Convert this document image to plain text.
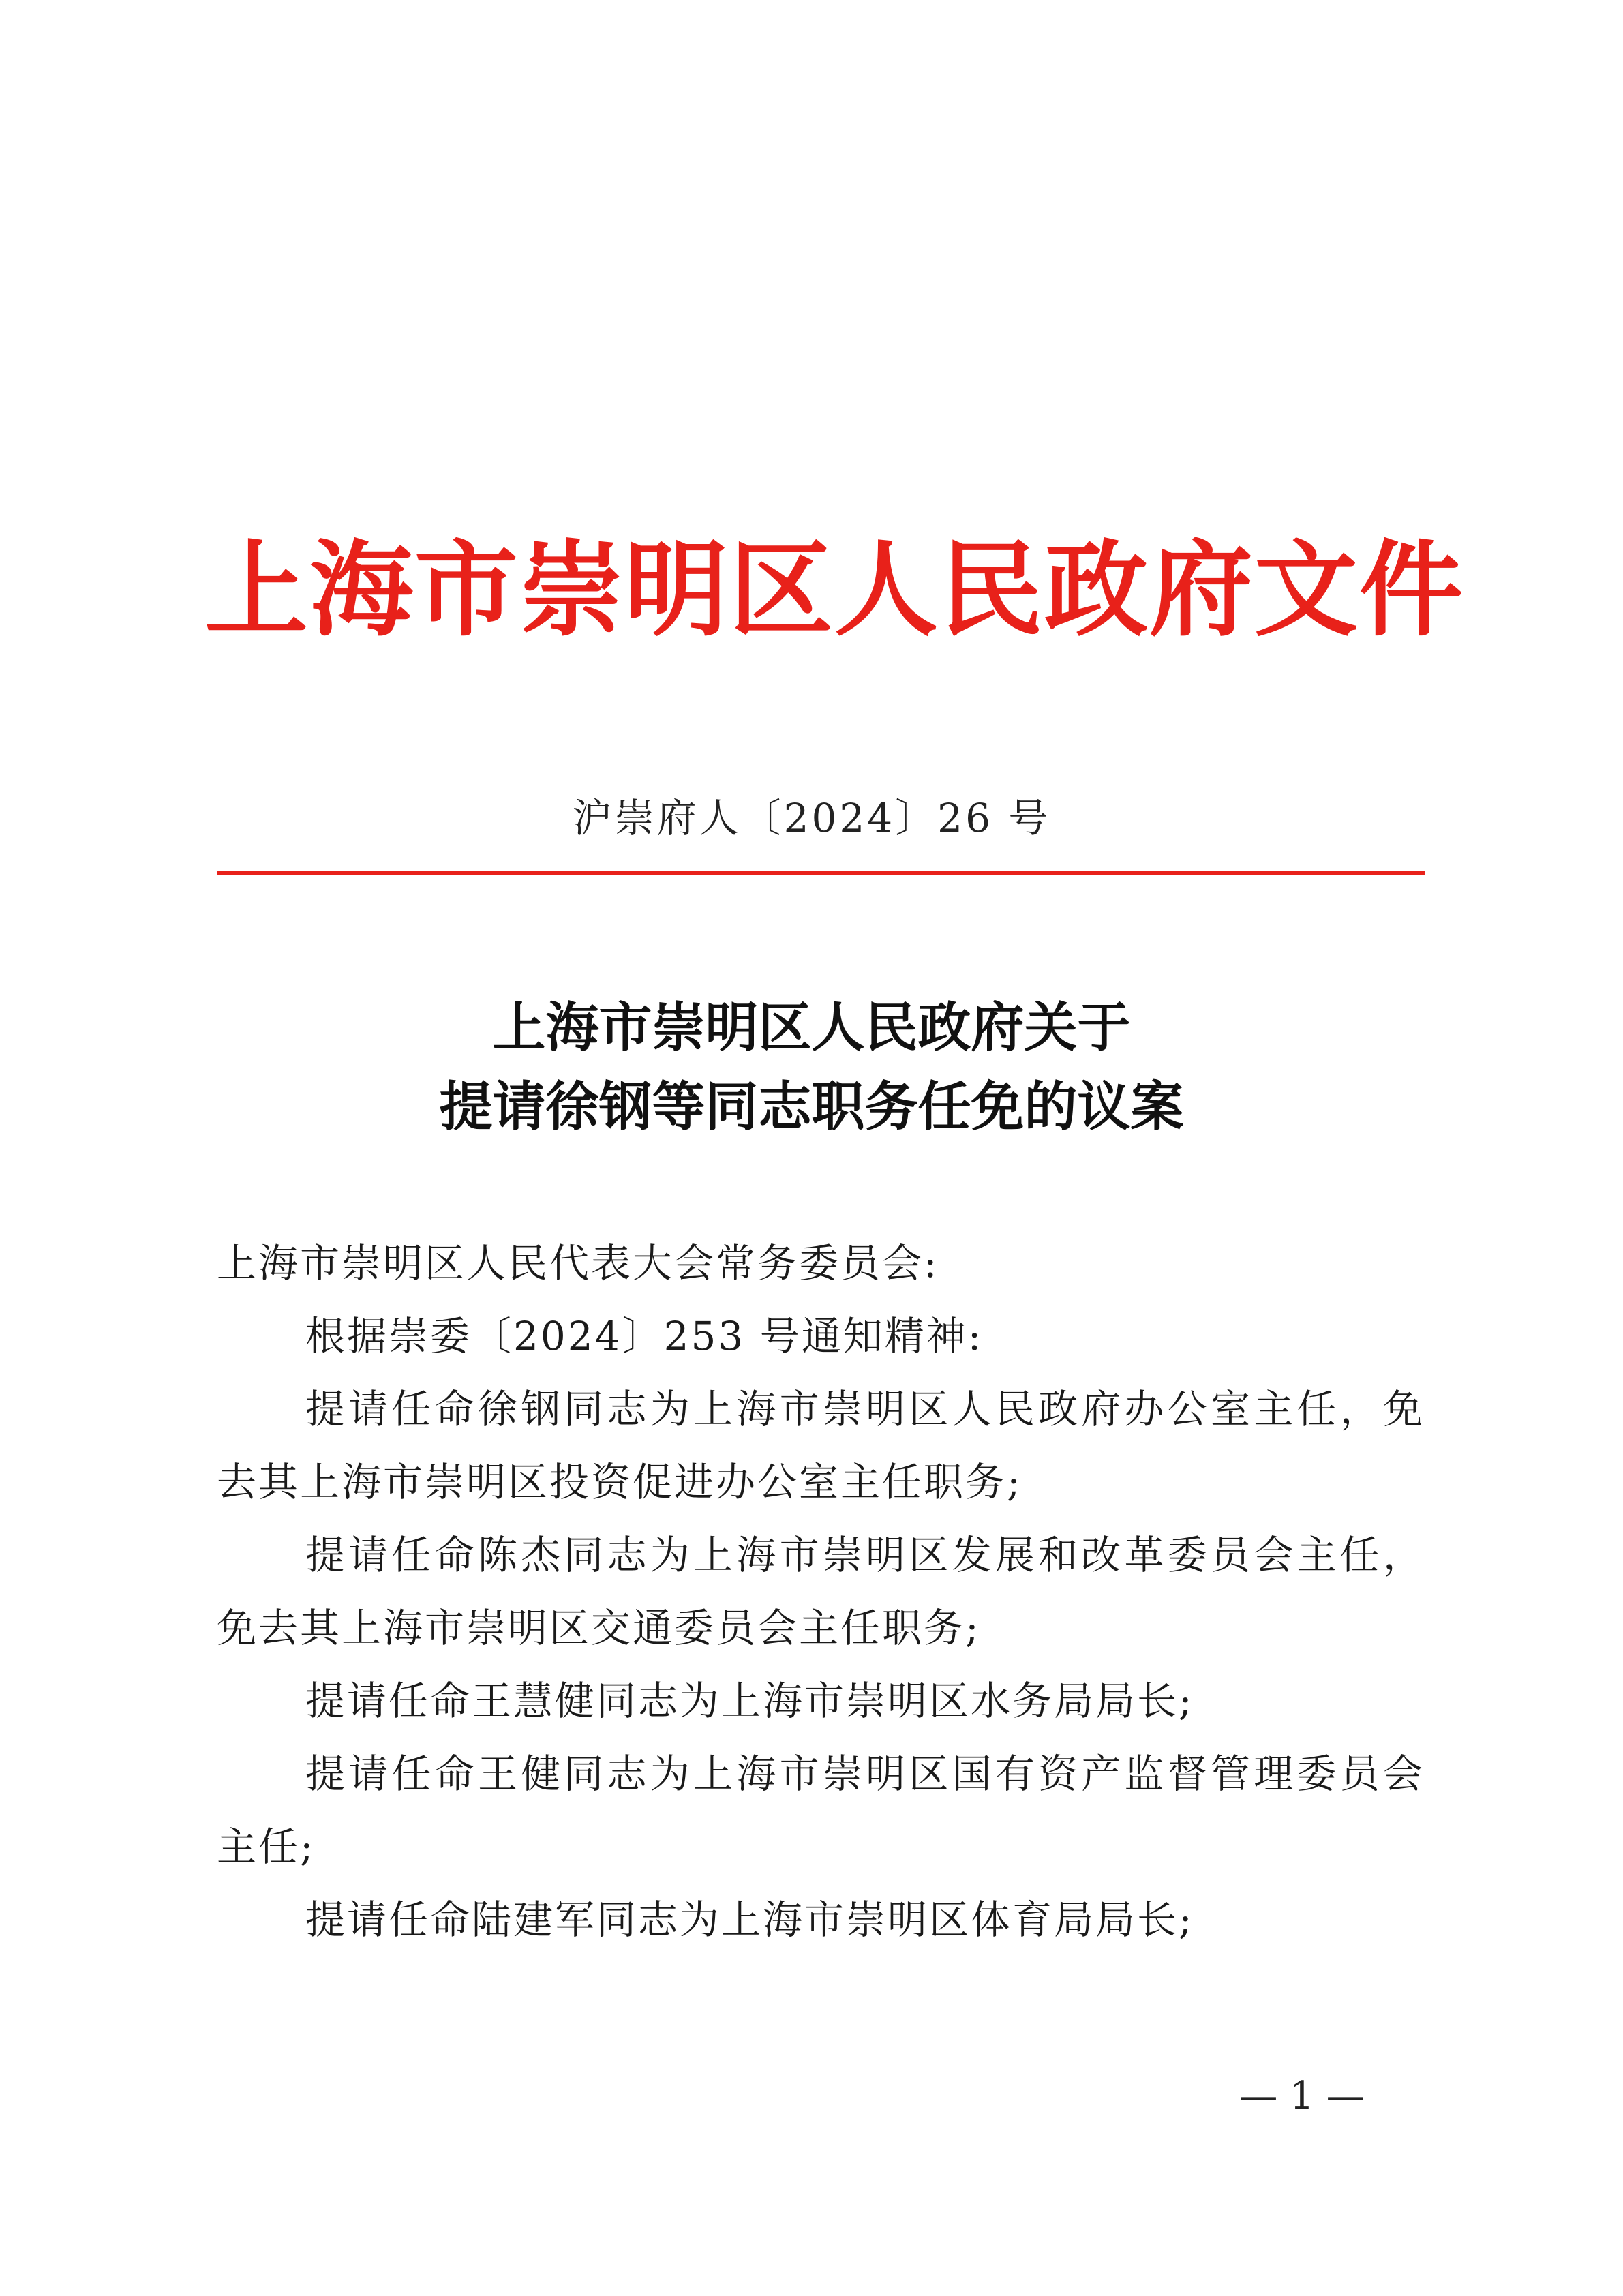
上海市崇明区人民政府文件
沪崇府人〔2024〕26 号
上海市崇明区人民政府关于
提请徐钢等同志职务任免的议案

上海市崇明区人民代表大会常务委员会:

根据崇委〔2024〕253 号通知精神:

提请任命徐钢同志为上海市崇明区人民政府办公室主任，免去其上海市崇明区投资促进办公室主任职务;

提请任命陈杰同志为上海市崇明区发展和改革委员会主任，免去其上海市崇明区交通委员会主任职务;

提请任命王慧健同志为上海市崇明区水务局局长;

提请任命王健同志为上海市崇明区国有资产监督管理委员会主任;

提请任命陆建军同志为上海市崇明区体育局局长;

— 1 —
